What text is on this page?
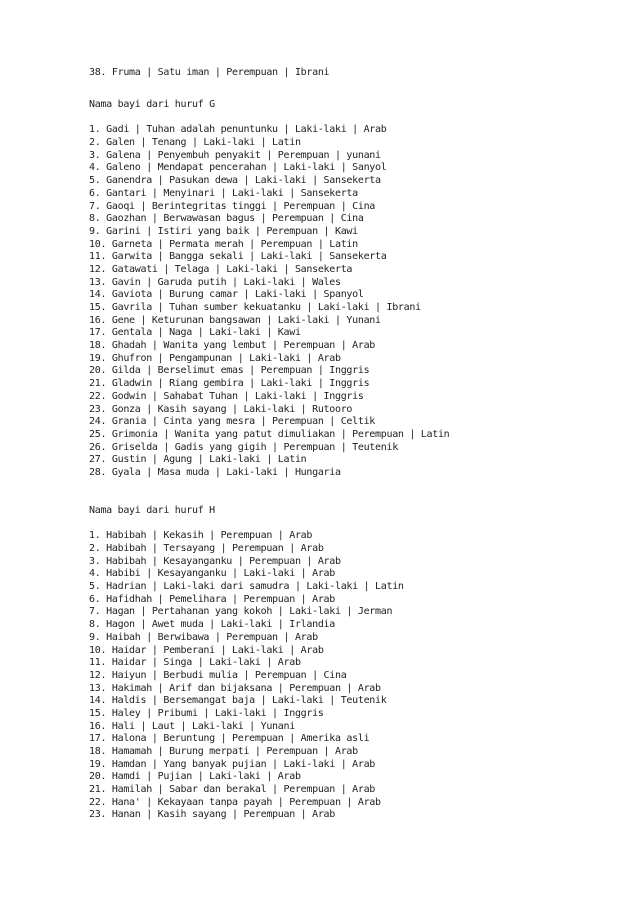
38. Fruma | Satu iman | Perempuan | Ibrani
Nama bayi dari huruf G
1. Gadi | Tuhan adalah penuntunku | Laki-laki | Arab
2. Galen | Tenang | Laki-laki | Latin
3. Galena | Penyembuh penyakit | Perempuan | yunani
4. Galeno | Mendapat pencerahan | Laki-laki | Sanyol
5. Ganendra | Pasukan dewa | Laki-laki | Sansekerta
6. Gantari | Menyinari | Laki-laki | Sansekerta
7. Gaoqi | Berintegritas tinggi | Perempuan | Cina
8. Gaozhan | Berwawasan bagus | Perempuan | Cina
9. Garini | Istiri yang baik | Perempuan | Kawi
10. Garneta | Permata merah | Perempuan | Latin
11. Garwita | Bangga sekali | Laki-laki | Sansekerta
12. Gatawati | Telaga | Laki-laki | Sansekerta
13. Gavin | Garuda putih | Laki-laki | Wales
14. Gaviota | Burung camar | Laki-laki | Spanyol
15. Gavrila | Tuhan sumber kekuatanku | Laki-laki | Ibrani
16. Gene | Keturunan bangsawan | Laki-laki | Yunani
17. Gentala | Naga | Laki-laki | Kawi
18. Ghadah | Wanita yang lembut | Perempuan | Arab
19. Ghufron | Pengampunan | Laki-laki | Arab
20. Gilda | Berselimut emas | Perempuan | Inggris
21. Gladwin | Riang gembira | Laki-laki | Inggris
22. Godwin | Sahabat Tuhan | Laki-laki | Inggris
23. Gonza | Kasih sayang | Laki-laki | Rutooro
24. Grania | Cinta yang mesra | Perempuan | Celtik
25. Grimonia | Wanita yang patut dimuliakan | Perempuan | Latin
26. Griselda | Gadis yang gigih | Perempuan | Teutenik
27. Gustin | Agung | Laki-laki | Latin
28. Gyala | Masa muda | Laki-laki | Hungaria
Nama bayi dari huruf H
1. Habibah | Kekasih | Perempuan | Arab
2. Habibah | Tersayang | Perempuan | Arab
3. Habibah | Kesayanganku | Perempuan | Arab
4. Habibi | Kesayanganku | Laki-laki | Arab
5. Hadrian | Laki-laki dari samudra | Laki-laki | Latin
6. Hafidhah | Pemelihara | Perempuan | Arab
7. Hagan | Pertahanan yang kokoh | Laki-laki | Jerman
8. Hagon | Awet muda | Laki-laki | Irlandia
9. Haibah | Berwibawa | Perempuan | Arab
10. Haidar | Pemberani | Laki-laki | Arab
11. Haidar | Singa | Laki-laki | Arab
12. Haiyun | Berbudi mulia | Perempuan | Cina
13. Hakimah | Arif dan bijaksana | Perempuan | Arab
14. Haldis | Bersemangat baja | Laki-laki | Teutenik
15. Haley | Pribumi | Laki-laki | Inggris
16. Hali | Laut | Laki-laki | Yunani
17. Halona | Beruntung | Perempuan | Amerika asli
18. Hamamah | Burung merpati | Perempuan | Arab
19. Hamdan | Yang banyak pujian | Laki-laki | Arab
20. Hamdi | Pujian | Laki-laki | Arab
21. Hamilah | Sabar dan berakal | Perempuan | Arab
22. Hana' | Kekayaan tanpa payah | Perempuan | Arab
23. Hanan | Kasih sayang | Perempuan | Arab
